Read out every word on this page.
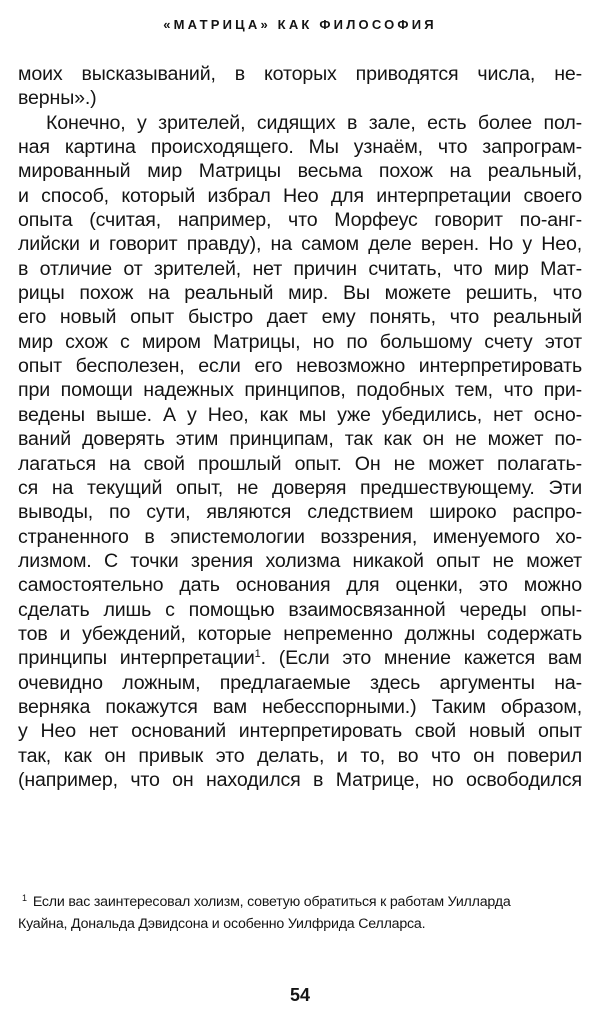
«МАТРИЦА» КАК ФИЛОСОФИЯ
моих высказываний, в которых приводятся числа, не-
верны».)
Конечно, у зрителей, сидящих в зале, есть более пол-
ная картина происходящего. Мы узнаём, что запрограм-
мированный мир Матрицы весьма похож на реальный,
и способ, который избрал Нео для интерпретации своего
опыта (считая, например, что Морфеус говорит по-анг-
лийски и говорит правду), на самом деле верен. Но у Нео,
в отличие от зрителей, нет причин считать, что мир Мат-
рицы похож на реальный мир. Вы можете решить, что
его новый опыт быстро дает ему понять, что реальный
мир схож с миром Матрицы, но по большому счету этот
опыт бесполезен, если его невозможно интерпретировать
при помощи надежных принципов, подобных тем, что при-
ведены выше. А у Нео, как мы уже убедились, нет осно-
ваний доверять этим принципам, так как он не может по-
лагаться на свой прошлый опыт. Он не может полагать-
ся на текущий опыт, не доверяя предшествующему. Эти
выводы, по сути, являются следствием широко распро-
страненного в эпистемологии воззрения, именуемого хо-
лизмом. С точки зрения холизма никакой опыт не может
самостоятельно дать основания для оценки, это можно
сделать лишь с помощью взаимосвязанной череды опы-
тов и убеждений, которые непременно должны содержать
принципы интерпретации$^1$. (Если это мнение кажется вам
очевидно ложным, предлагаемые здесь аргументы на-
верняка покажутся вам небесспорными.) Таким образом,
у Нео нет оснований интерпретировать свой новый опыт
так, как он привык это делать, и то, во что он поверил
(например, что он находился в Матрице, но освободился
$^1$ Если вас заинтересовал холизм, советую обратиться к работам Уилларда
Куайна, Дональда Дэвидсона и особенно Уилфрида Селларса.
54
